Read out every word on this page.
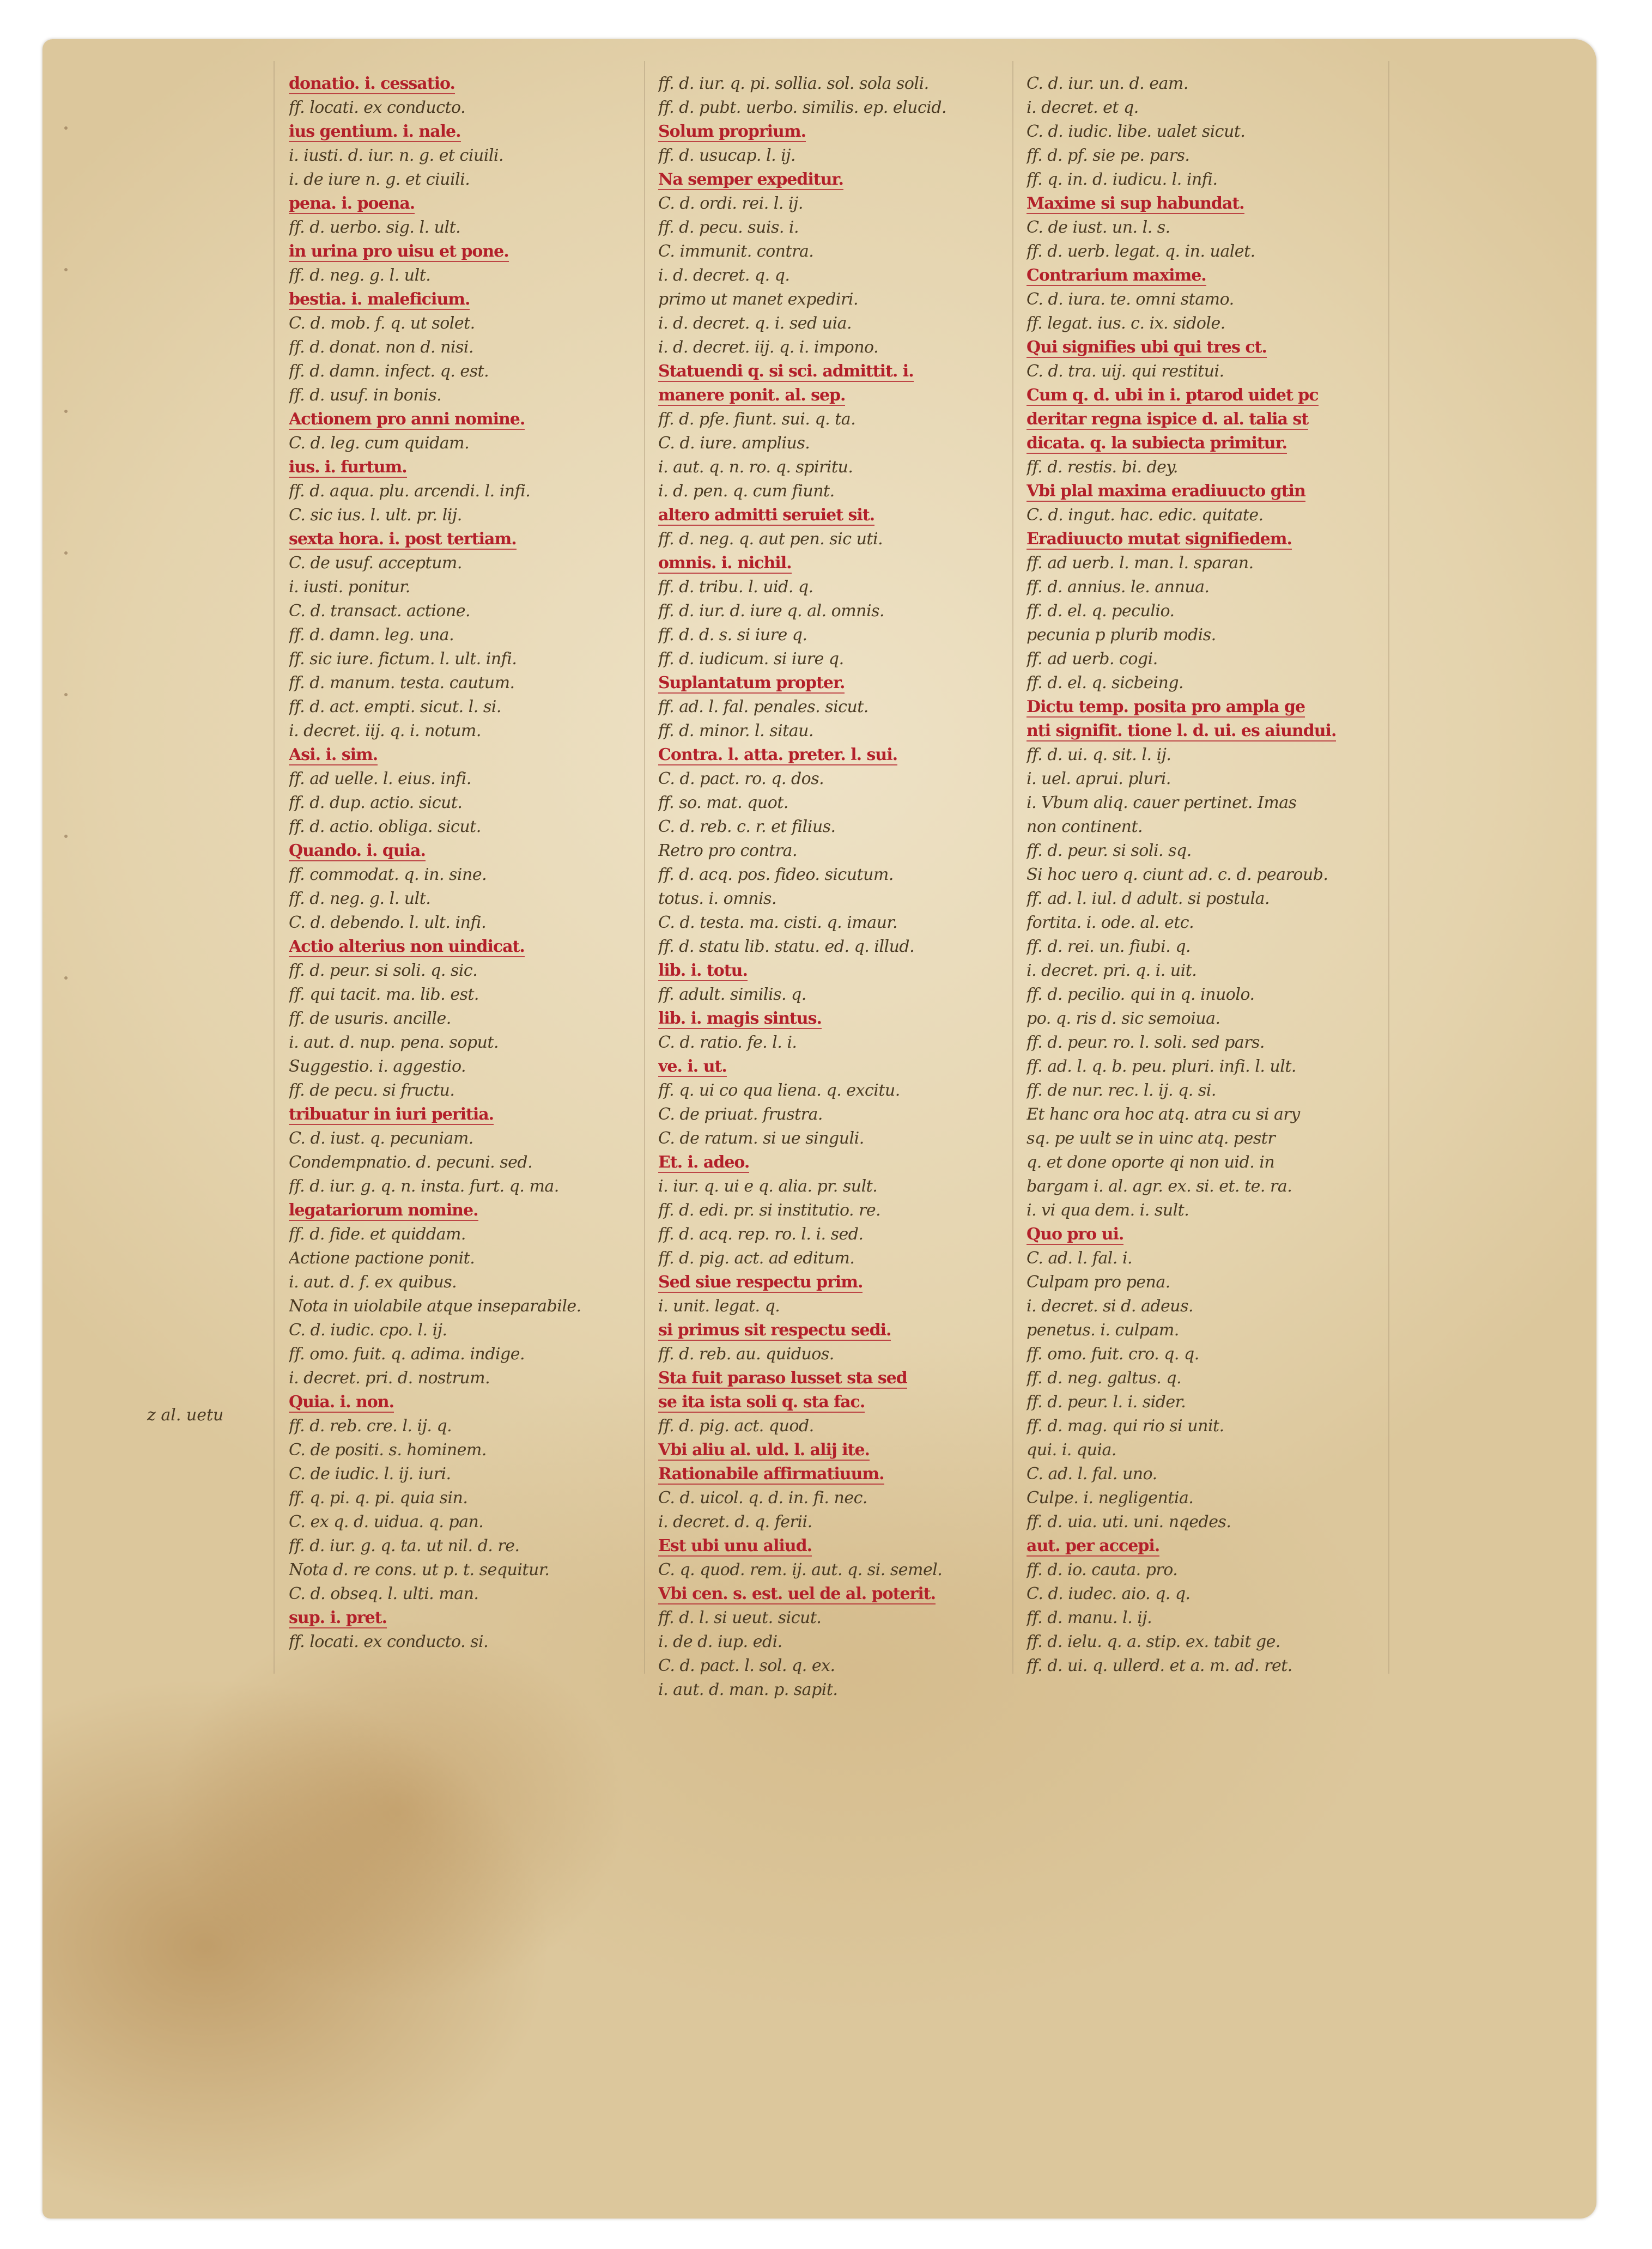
donatio. i. cessatio.
ff. locati. ex conducto.
ius gentium. i. nale.
i. iusti. d. iur. n. g. et ciuili.
i. de iure n. g. et ciuili.
pena. i. poena.
ff. d. uerbo. sig. l. ult.
in urina pro uisu et pone.
ff. d. neg. g. l. ult.
bestia. i. maleficium.
C. d. mob. f. q. ut solet.
ff. d. donat. non d. nisi.
ff. d. damn. infect. q. est.
ff. d. usuf. in bonis.
Actionem pro anni nomine.
C. d. leg. cum quidam.
ius. i. furtum.
ff. d. aqua. plu. arcendi. l. infi.
C. sic ius. l. ult. pr. lij.
sexta hora. i. post tertiam.
C. de usuf. acceptum.
i. iusti. ponitur.
C. d. transact. actione.
ff. d. damn. leg. una.
ff. sic iure. fictum. l. ult. infi.
ff. d. manum. testa. cautum.
ff. d. act. empti. sicut. l. si.
i. decret. iij. q. i. notum.
Asi. i. sim.
ff. ad uelle. l. eius. infi.
ff. d. dup. actio. sicut.
ff. d. actio. obliga. sicut.
Quando. i. quia.
ff. commodat. q. in. sine.
ff. d. neg. g. l. ult.
C. d. debendo. l. ult. infi.
Actio alterius non uindicat.
ff. d. peur. si soli. q. sic.
ff. qui tacit. ma. lib. est.
ff. de usuris. ancille.
i. aut. d. nup. pena. soput.
Suggestio. i. aggestio.
ff. de pecu. si fructu.
tribuatur in iuri peritia.
C. d. iust. q. pecuniam.
Condempnatio. d. pecuni. sed.
ff. d. iur. g. q. n. insta. furt. q. ma.
legatariorum nomine.
ff. d. fide. et quiddam.
Actione pactione ponit.
i. aut. d. f. ex quibus.
Nota in uiolabile atque inseparabile.
C. d. iudic. cpo. l. ij.
ff. omo. fuit. q. adima. indige.
i. decret. pri. d. nostrum.
Quia. i. non.
ff. d. reb. cre. l. ij. q.
C. de positi. s. hominem.
C. de iudic. l. ij. iuri.
ff. q. pi. q. pi. quia sin.
C. ex q. d. uidua. q. pan.
ff. d. iur. g. q. ta. ut nil. d. re.
Nota d. re cons. ut p. t. sequitur.
C. d. obseq. l. ulti. man.
sup. i. pret.
ff. locati. ex conducto. si.
ff. d. iur. q. pi. sollia. sol. sola soli.
ff. d. pubt. uerbo. similis. ep. elucid.
Solum proprium.
ff. d. usucap. l. ij.
Na semper expeditur.
C. d. ordi. rei. l. ij.
ff. d. pecu. suis. i.
C. immunit. contra.
i. d. decret. q. q.
primo ut manet expediri.
i. d. decret. q. i. sed uia.
i. d. decret. iij. q. i. impono.
Statuendi q. si sci. admittit. i.
manere ponit. al. sep.
ff. d. pfe. fiunt. sui. q. ta.
C. d. iure. amplius.
i. aut. q. n. ro. q. spiritu.
i. d. pen. q. cum fiunt.
altero admitti seruiet sit.
ff. d. neg. q. aut pen. sic uti.
omnis. i. nichil.
ff. d. tribu. l. uid. q.
ff. d. iur. d. iure q. al. omnis.
ff. d. d. s. si iure q.
ff. d. iudicum. si iure q.
Suplantatum propter.
ff. ad. l. fal. penales. sicut.
ff. d. minor. l. sitau.
Contra. l. atta. preter. l. sui.
C. d. pact. ro. q. dos.
ff. so. mat. quot.
C. d. reb. c. r. et filius.
Retro pro contra.
ff. d. acq. pos. fideo. sicutum.
totus. i. omnis.
C. d. testa. ma. cisti. q. imaur.
ff. d. statu lib. statu. ed. q. illud.
lib. i. totu.
ff. adult. similis. q.
lib. i. magis sintus.
C. d. ratio. fe. l. i.
ve. i. ut.
ff. q. ui co qua liena. q. excitu.
C. de priuat. frustra.
C. de ratum. si ue singuli.
Et. i. adeo.
i. iur. q. ui e q. alia. pr. sult.
ff. d. edi. pr. si institutio. re.
ff. d. acq. rep. ro. l. i. sed.
ff. d. pig. act. ad editum.
Sed siue respectu prim.
i. unit. legat. q.
si primus sit respectu sedi.
ff. d. reb. au. quiduos.
Sta fuit paraso lusset sta sed
se ita ista soli q. sta fac.
ff. d. pig. act. quod.
Vbi aliu al. uld. l. alij ite.
Rationabile affirmatiuum.
C. d. uicol. q. d. in. fi. nec.
i. decret. d. q. ferii.
Est ubi unu aliud.
C. q. quod. rem. ij. aut. q. si. semel.
Vbi cen. s. est. uel de al. poterit.
ff. d. l. si ueut. sicut.
i. de d. iup. edi.
C. d. pact. l. sol. q. ex.
i. aut. d. man. p. sapit.
C. d. iur. un. d. eam.
i. decret. et q.
C. d. iudic. libe. ualet sicut.
ff. d. pf. sie pe. pars.
ff. q. in. d. iudicu. l. infi.
Maxime si sup habundat.
C. de iust. un. l. s.
ff. d. uerb. legat. q. in. ualet.
Contrarium maxime.
C. d. iura. te. omni stamo.
ff. legat. ius. c. ix. sidole.
Qui signifies ubi qui tres ct.
C. d. tra. uij. qui restitui.
Cum q. d. ubi in i. ptarod uidet pc
deritar regna ispice d. al. talia st
dicata. q. la subiecta primitur.
ff. d. restis. bi. dey.
Vbi plal maxima eradiuucto gtin
C. d. ingut. hac. edic. quitate.
Eradiuucto mutat signifiedem.
ff. ad uerb. l. man. l. sparan.
ff. d. annius. le. annua.
ff. d. el. q. peculio.
pecunia p plurib modis.
ff. ad uerb. cogi.
ff. d. el. q. sicbeing.
Dictu temp. posita pro ampla ge
nti signifit. tione l. d. ui. es aiundui.
ff. d. ui. q. sit. l. ij.
i. uel. aprui. pluri.
i. Vbum aliq. cauer pertinet. Imas
non continent.
ff. d. peur. si soli. sq.
Si hoc uero q. ciunt ad. c. d. pearoub.
ff. ad. l. iul. d adult. si postula.
fortita. i. ode. al. etc.
ff. d. rei. un. fiubi. q.
i. decret. pri. q. i. uit.
ff. d. pecilio. qui in q. inuolo.
po. q. ris d. sic semoiua.
ff. d. peur. ro. l. soli. sed pars.
ff. ad. l. q. b. peu. pluri. infi. l. ult.
ff. de nur. rec. l. ij. q. si.
Et hanc ora hoc atq. atra cu si ary
sq. pe uult se in uinc atq. pestr
q. et done oporte qi non uid. in
bargam i. al. agr. ex. si. et. te. ra.
i. vi qua dem. i. sult.
Quo pro ui.
C. ad. l. fal. i.
Culpam pro pena.
i. decret. si d. adeus.
penetus. i. culpam.
ff. omo. fuit. cro. q. q.
ff. d. neg. galtus. q.
ff. d. peur. l. i. sider.
ff. d. mag. qui rio si unit.
qui. i. quia.
C. ad. l. fal. uno.
Culpe. i. negligentia.
ff. d. uia. uti. uni. nqedes.
aut. per accepi.
ff. d. io. cauta. pro.
C. d. iudec. aio. q. q.
ff. d. manu. l. ij.
ff. d. ielu. q. a. stip. ex. tabit ge.
ff. d. ui. q. ullerd. et a. m. ad. ret.
z al. uetu
